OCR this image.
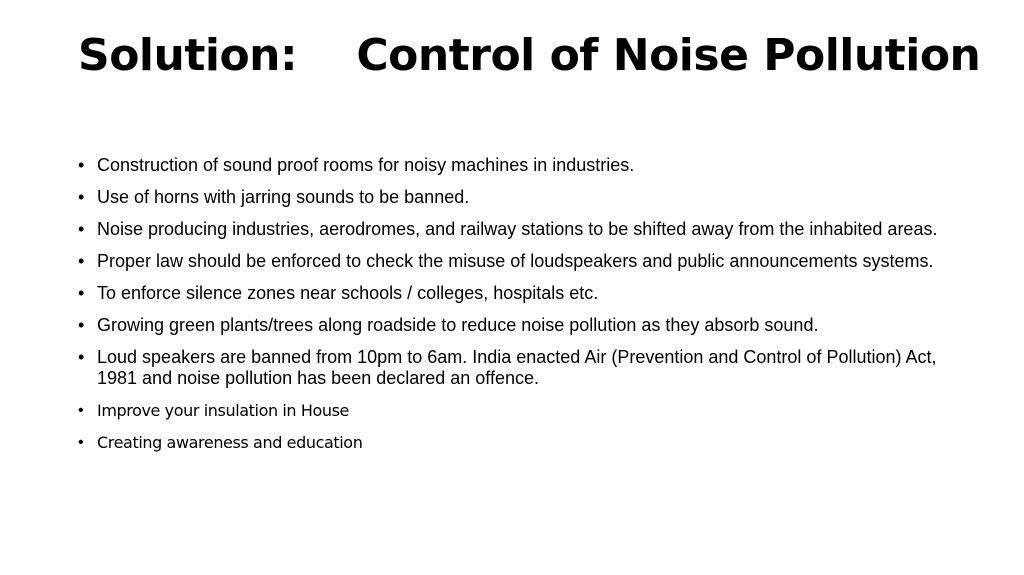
Solution:    Control of Noise Pollution
• Construction of sound proof rooms for noisy machines in industries.
• Use of horns with jarring sounds to be banned.
• Noise producing industries, aerodromes, and railway stations to be shifted away from the inhabited areas.
• Proper law should be enforced to check the misuse of loudspeakers and public announcements systems.
• To enforce silence zones near schools / colleges, hospitals etc.
• Growing green plants/trees along roadside to reduce noise pollution as they absorb sound.
• Loud speakers are banned from 10pm to 6am. India enacted Air (Prevention and Control of Pollution) Act, 1981 and noise pollution has been declared an offence.
• Improve your insulation in House
• Creating awareness and education
